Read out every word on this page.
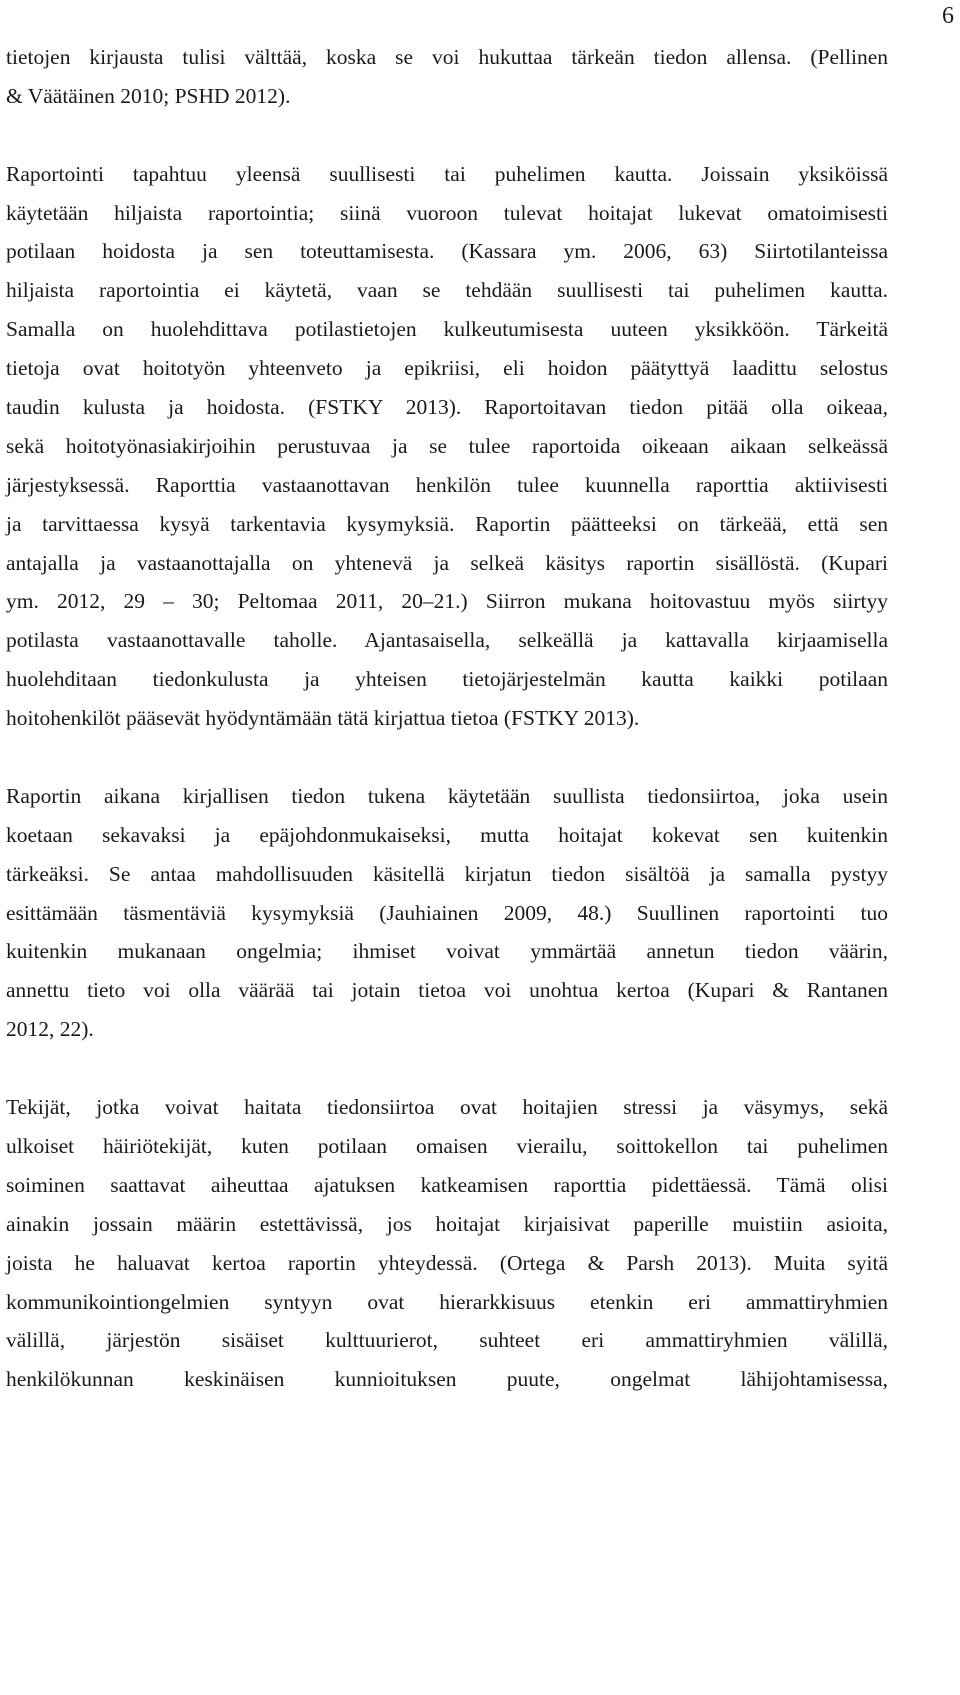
6
tietojen kirjausta tulisi välttää, koska se voi hukuttaa tärkeän tiedon allensa. (Pellinen
& Väätäinen 2010; PSHD 2012).
Raportointi tapahtuu yleensä suullisesti tai puhelimen kautta. Joissain yksiköissä
käytetään hiljaista raportointia; siinä vuoroon tulevat hoitajat lukevat omatoimisesti
potilaan hoidosta ja sen toteuttamisesta. (Kassara ym. 2006, 63) Siirtotilanteissa
hiljaista raportointia ei käytetä, vaan se tehdään suullisesti tai puhelimen kautta.
Samalla on huolehdittava potilastietojen kulkeutumisesta uuteen yksikköön. Tärkeitä
tietoja ovat hoitotyön yhteenveto ja epikriisi, eli hoidon päätyttyä laadittu selostus
taudin kulusta ja hoidosta. (FSTKY 2013). Raportoitavan tiedon pitää olla oikeaa,
sekä hoitotyönasiakirjoihin perustuvaa ja se tulee raportoida oikeaan aikaan selkeässä
järjestyksessä. Raporttia vastaanottavan henkilön tulee kuunnella raporttia aktiivisesti
ja tarvittaessa kysyä tarkentavia kysymyksiä. Raportin päätteeksi on tärkeää, että sen
antajalla ja vastaanottajalla on yhtenevä ja selkeä käsitys raportin sisällöstä. (Kupari
ym. 2012, 29 – 30; Peltomaa 2011, 20–21.) Siirron mukana hoitovastuu myös siirtyy
potilasta vastaanottavalle taholle. Ajantasaisella, selkeällä ja kattavalla kirjaamisella
huolehditaan tiedonkulusta ja yhteisen tietojärjestelmän kautta kaikki potilaan
hoitohenkilöt pääsevät hyödyntämään tätä kirjattua tietoa (FSTKY 2013).
Raportin aikana kirjallisen tiedon tukena käytetään suullista tiedonsiirtoa, joka usein
koetaan sekavaksi ja epäjohdonmukaiseksi, mutta hoitajat kokevat sen kuitenkin
tärkeäksi. Se antaa mahdollisuuden käsitellä kirjatun tiedon sisältöä ja samalla pystyy
esittämään täsmentäviä kysymyksiä (Jauhiainen 2009, 48.) Suullinen raportointi tuo
kuitenkin mukanaan ongelmia; ihmiset voivat ymmärtää annetun tiedon väärin,
annettu tieto voi olla väärää tai jotain tietoa voi unohtua kertoa (Kupari & Rantanen
2012, 22).
Tekijät, jotka voivat haitata tiedonsiirtoa ovat hoitajien stressi ja väsymys, sekä
ulkoiset häiriötekijät, kuten potilaan omaisen vierailu, soittokellon tai puhelimen
soiminen saattavat aiheuttaa ajatuksen katkeamisen raporttia pidettäessä. Tämä olisi
ainakin jossain määrin estettävissä, jos hoitajat kirjaisivat paperille muistiin asioita,
joista he haluavat kertoa raportin yhteydessä. (Ortega & Parsh 2013). Muita syitä
kommunikointiongelmien syntyyn ovat hierarkkisuus etenkin eri ammattiryhmien
välillä, järjestön sisäiset kulttuurierot, suhteet eri ammattiryhmien välillä,
henkilökunnan keskinäisen kunnioituksen puute, ongelmat lähijohtamisessa,
